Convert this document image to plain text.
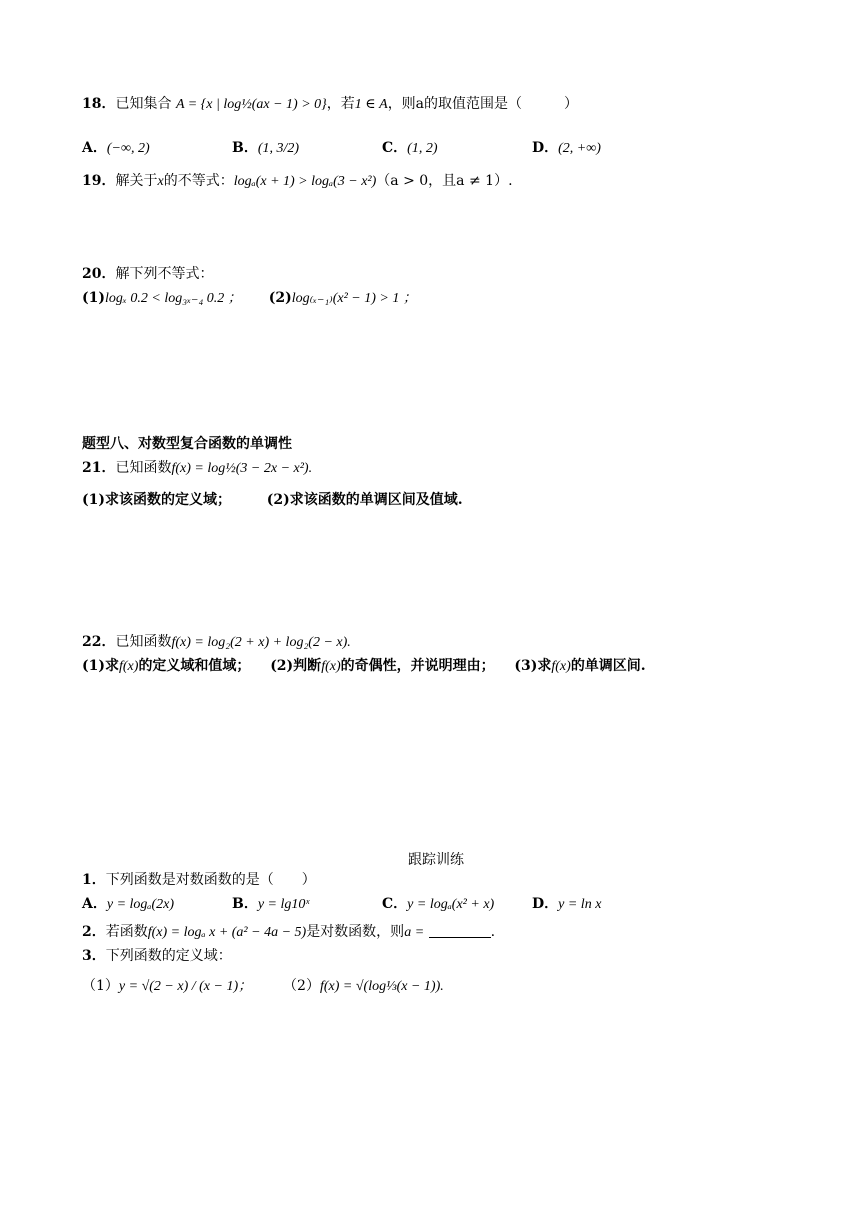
18．已知集合 A = {x | log½(ax − 1) > 0}，若1 ∈ A，则a的取值范围是（　　　）
A．(−∞, 2)	B．(1, 3/2)	C．(1, 2)	D．(2, +∞)
19．解关于x的不等式：logₐ(x + 1) > logₐ(3 − x²)（a > 0，且a ≠ 1）.
20．解下列不等式：
(1)logₓ 0.2 < log₃ₓ₋₄ 0.2 ； (2)log₍ₓ₋₁₎(x² − 1) > 1 ；
题型八、对数型复合函数的单调性
21．已知函数f(x) = log½(3 − 2x − x²).
(1)求该函数的定义域；	(2)求该函数的单调区间及值域.
22．已知函数f(x) = log₂(2 + x) + log₂(2 − x).
(1)求f(x)的定义域和值域； (2)判断f(x)的奇偶性，并说明理由； (3)求f(x)的单调区间.
跟踪训练
1．下列函数是对数函数的是（　　）
A．y = logₐ(2x)	B．y = lg10ˣ	C．y = logₐ(x² + x)	D．y = ln x
2．若函数f(x) = logₐ x + (a² − 4a − 5)是对数函数，则a =	.
3．下列函数的定义域：
（1）y = √(2 − x) / (x − 1)； （2）f(x) = √(log⅓(x − 1)).
